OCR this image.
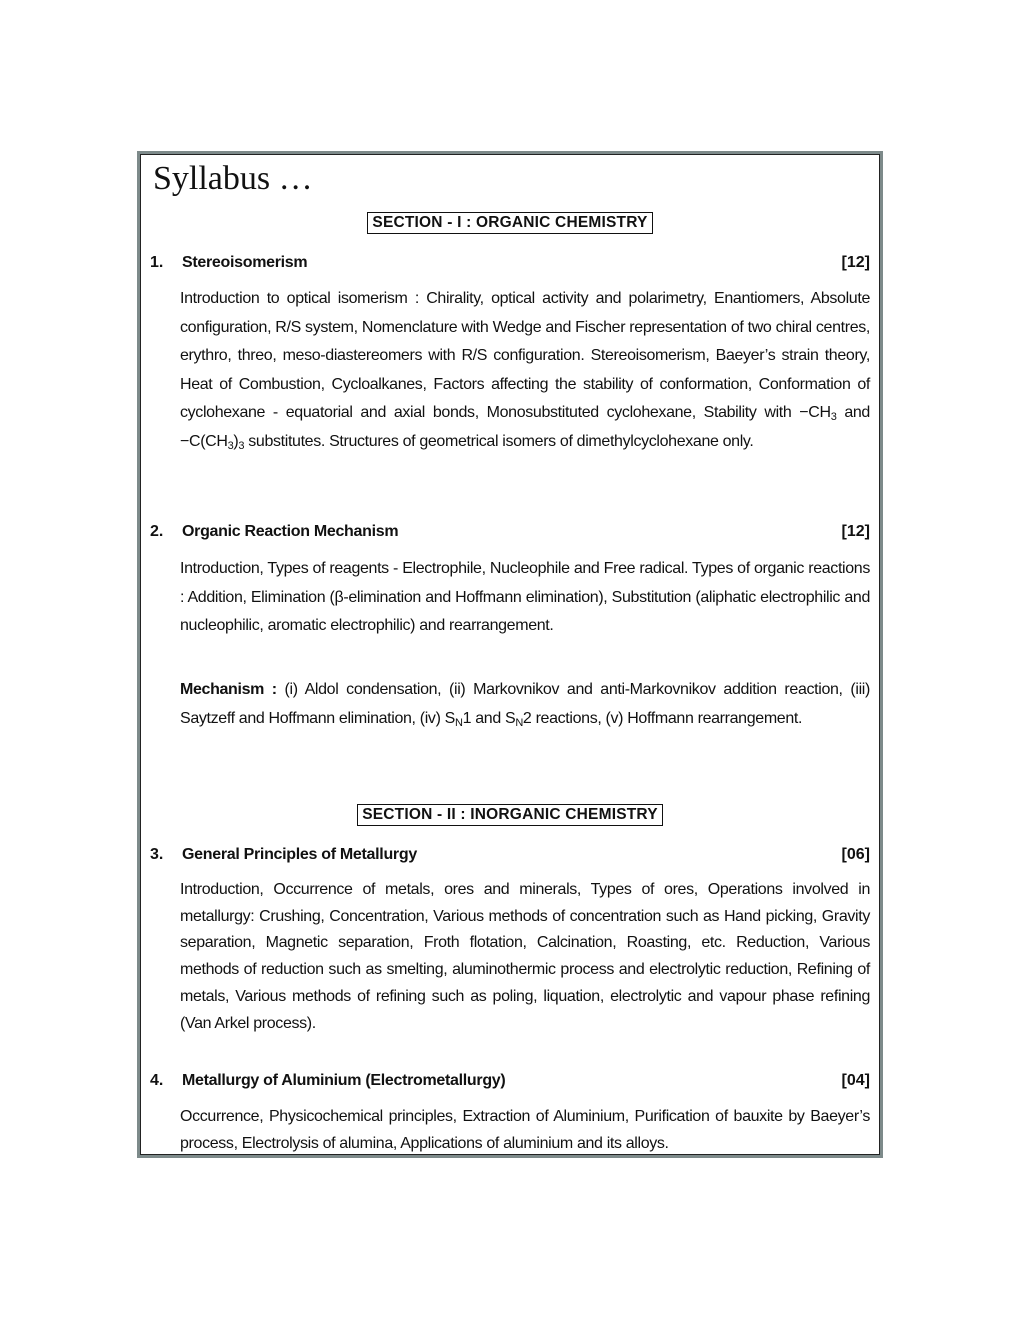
Syllabus …
SECTION - I : ORGANIC CHEMISTRY
1.	Stereoisomerism	[12]
Introduction to optical isomerism : Chirality, optical activity and polarimetry, Enantiomers, Absolute configuration, R/S system, Nomenclature with Wedge and Fischer representation of two chiral centres, erythro, threo, meso-diastereomers with R/S configuration. Stereoisomerism, Baeyer’s strain theory, Heat of Combustion, Cycloalkanes, Factors affecting the stability of conformation, Conformation of cyclohexane - equatorial and axial bonds, Monosubstituted cyclohexane, Stability with $-CH_3$ and $-C(CH_3)_3$ substitutes. Structures of geometrical isomers of dimethylcyclohexane only.
2.	Organic Reaction Mechanism	[12]
Introduction, Types of reagents - Electrophile, Nucleophile and Free radical. Types of organic reactions : Addition, Elimination (β-elimination and Hoffmann elimination), Substitution (aliphatic electrophilic and nucleophilic, aromatic electrophilic) and rearrangement.
Mechanism : (i) Aldol condensation, (ii) Markovnikov and anti-Markovnikov addition reaction, (iii) Saytzeff and Hoffmann elimination, (iv) $S_N1$ and $S_N2$ reactions, (v) Hoffmann rearrangement.
SECTION - II : INORGANIC CHEMISTRY
3.	General Principles of Metallurgy	[06]
Introduction, Occurrence of metals, ores and minerals, Types of ores, Operations involved in metallurgy: Crushing, Concentration, Various methods of concentration such as Hand picking, Gravity separation, Magnetic separation, Froth flotation, Calcination, Roasting, etc. Reduction, Various methods of reduction such as smelting, aluminothermic process and electrolytic reduction, Refining of metals, Various methods of refining such as poling, liquation, electrolytic and vapour phase refining (Van Arkel process).
4.	Metallurgy of Aluminium (Electrometallurgy)	[04]
Occurrence, Physicochemical principles, Extraction of Aluminium, Purification of bauxite by Baeyer’s process, Electrolysis of alumina, Applications of aluminium and its alloys.
